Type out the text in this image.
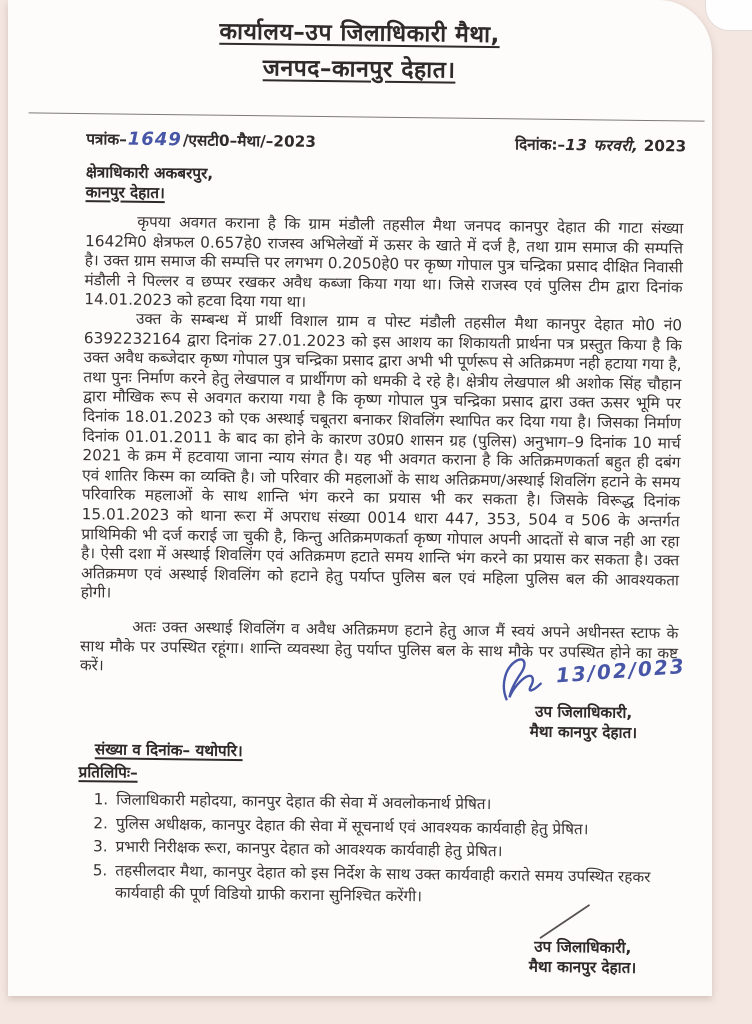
कार्यालय–उप जिलाधिकारी मैथा,
जनपद–कानपुर देहात।
पत्रांक–1649/एसटी0–मैथा/–2023	दिनांक:–13 फरवरी, 2023
क्षेत्राधिकारी अकबरपुर,
कानपुर देहात।

कृपया अवगत कराना है कि ग्राम मंडौली तहसील मैथा जनपद कानपुर देहात की गाटा संख्या 1642मि0 क्षेत्रफल 0.657हे0 राजस्व अभिलेखों में ऊसर के खाते में दर्ज है, तथा ग्राम समाज की सम्पत्ति है। उक्त ग्राम समाज की सम्पत्ति पर लगभग 0.2050हे0 पर कृष्ण गोपाल पुत्र चन्द्रिका प्रसाद दीक्षित निवासी मंडौली ने पिल्लर व छप्पर रखकर अवैध कब्जा किया गया था। जिसे राजस्व एवं पुलिस टीम द्वारा दिनांक 14.01.2023 को हटवा दिया गया था।

उक्त के सम्बन्ध में प्रार्थी विशाल ग्राम व पोस्ट मंडौली तहसील मैथा कानपुर देहात मो0 नं0 6392232164 द्वारा दिनांक 27.01.2023 को इस आशय का शिकायती प्रार्थना पत्र प्रस्तुत किया है कि उक्त अवैध कब्जेदार कृष्ण गोपाल पुत्र चन्द्रिका प्रसाद द्वारा अभी भी पूर्णरूप से अतिक्रमण नही हटाया गया है, तथा पुनः निर्माण करने हेतु लेखपाल व प्रार्थीगण को धमकी दे रहे है। क्षेत्रीय लेखपाल श्री अशोक सिंह चौहान द्वारा मौखिक रूप से अवगत कराया गया है कि कृष्ण गोपाल पुत्र चन्द्रिका प्रसाद द्वारा उक्त ऊसर भूमि पर दिनांक 18.01.2023 को एक अस्थाई चबूतरा बनाकर शिवलिंग स्थापित कर दिया गया है। जिसका निर्माण दिनांक 01.01.2011 के बाद का होने के कारण उ0प्र0 शासन ग्रह (पुलिस) अनुभाग–9 दिनांक 10 मार्च 2021 के क्रम में हटवाया जाना न्याय संगत है। यह भी अवगत कराना है कि अतिक्रमणकर्ता बहुत ही दबंग एवं शातिर किस्म का व्यक्ति है। जो परिवार की महलाओं के साथ अतिक्रमण/अस्थाई शिवलिंग हटाने के समय परिवारिक महलाओं के साथ शान्ति भंग करने का प्रयास भी कर सकता है। जिसके विरूद्ध दिनांक 15.01.2023 को थाना रूरा में अपराध संख्या 0014 धारा 447, 353, 504 व 506 के अन्तर्गत प्राथिमिकी भी दर्ज कराई जा चुकी है, किन्तु अतिक्रमणकर्ता कृष्ण गोपाल अपनी आदतों से बाज नही आ रहा है। ऐसी दशा में अस्थाई शिवलिंग एवं अतिक्रमण हटाते समय शान्ति भंग करने का प्रयास कर सकता है। उक्त अतिक्रमण एवं अस्थाई शिवलिंग को हटाने हेतु पर्याप्त पुलिस बल एवं महिला पुलिस बल की आवश्यकता होगी।

अतः उक्त अस्थाई शिवलिंग व अवैध अतिक्रमण हटाने हेतु आज मैं स्वयं अपने अधीनस्त स्टाफ के साथ मौके पर उपस्थित रहूंगा। शान्ति व्यवस्था हेतु पर्याप्त पुलिस बल के साथ मौके पर उपस्थित होने का कष्ट करें।	13/02/023
उप जिलाधिकारी,
मैथा कानपुर देहात।
संख्या व दिनांक– यथोपरि।
प्रतिलिपिः–
1. जिलाधिकारी महोदया, कानपुर देहात की सेवा में अवलोकनार्थ प्रेषित।
2. पुलिस अधीक्षक, कानपुर देहात की सेवा में सूचनार्थ एवं आवश्यक कार्यवाही हेतु प्रेषित।
3. प्रभारी निरीक्षक रूरा, कानपुर देहात को आवश्यक कार्यवाही हेतु प्रेषित।
5. तहसीलदार मैथा, कानपुर देहात को इस निर्देश के साथ उक्त कार्यवाही कराते समय उपस्थित रहकर कार्यवाही की पूर्ण विडियो ग्राफी कराना सुनिश्चित करेंगी।
उप जिलाधिकारी,
मैथा कानपुर देहात।
